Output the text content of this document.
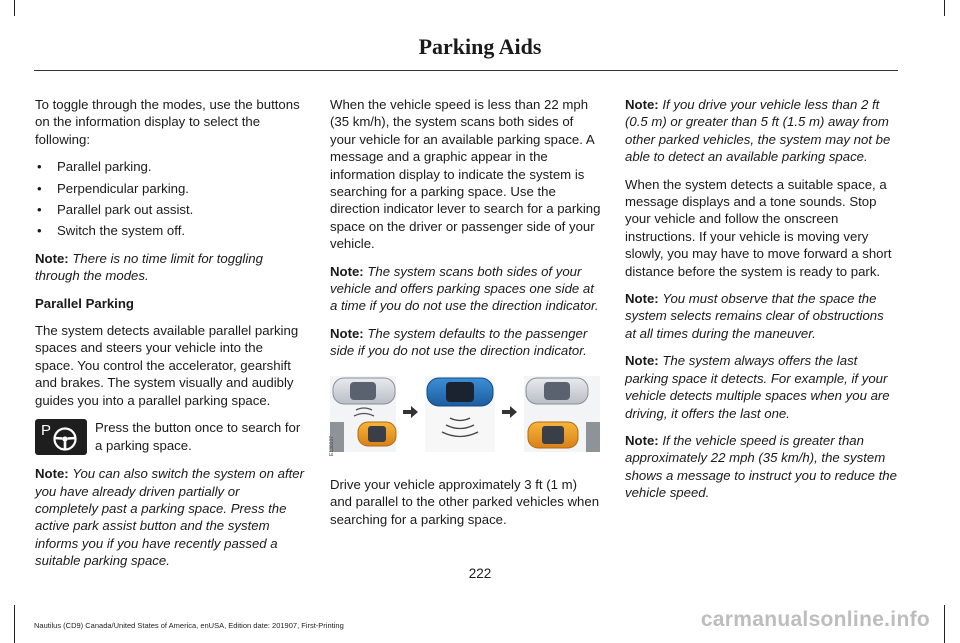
Parking Aids

To toggle through the modes, use the buttons on the information display to select the following:

• Parallel parking.
• Perpendicular parking.
• Parallel park out assist.
• Switch the system off.

Note: There is no time limit for toggling through the modes.

Parallel Parking

The system detects available parallel parking spaces and steers your vehicle into the space. You control the accelerator, gearshift and brakes. The system visually and audibly guides you into a parallel parking space.

P	Press the button once to search for a parking space.

Note: You can also switch the system on after you have already driven partially or completely past a parking space. Press the active park assist button and the system informs you if you have recently passed a suitable parking space.

When the vehicle speed is less than 22 mph (35 km/h), the system scans both sides of your vehicle for an available parking space. A message and a graphic appear in the information display to indicate the system is searching for a parking space. Use the direction indicator lever to search for a parking space on the driver or passenger side of your vehicle.

Note: The system scans both sides of your vehicle and offers parking spaces one side at a time if you do not use the direction indicator.

Note: The system defaults to the passenger side if you do not use the direction indicator.

E130107

Drive your vehicle approximately 3 ft (1 m) and parallel to the other parked vehicles when searching for a parking space.

Note: If you drive your vehicle less than 2 ft (0.5 m) or greater than 5 ft (1.5 m) away from other parked vehicles, the system may not be able to detect an available parking space.

When the system detects a suitable space, a message displays and a tone sounds. Stop your vehicle and follow the onscreen instructions. If your vehicle is moving very slowly, you may have to move forward a short distance before the system is ready to park.

Note: You must observe that the space the system selects remains clear of obstructions at all times during the maneuver.

Note: The system always offers the last parking space it detects. For example, if your vehicle detects multiple spaces when you are driving, it offers the last one.

Note: If the vehicle speed is greater than approximately 22 mph (35 km/h), the system shows a message to instruct you to reduce the vehicle speed.

222
Nautilus (CD9) Canada/United States of America, enUSA, Edition date: 201907, First-Printing	carmanualsonline.info
